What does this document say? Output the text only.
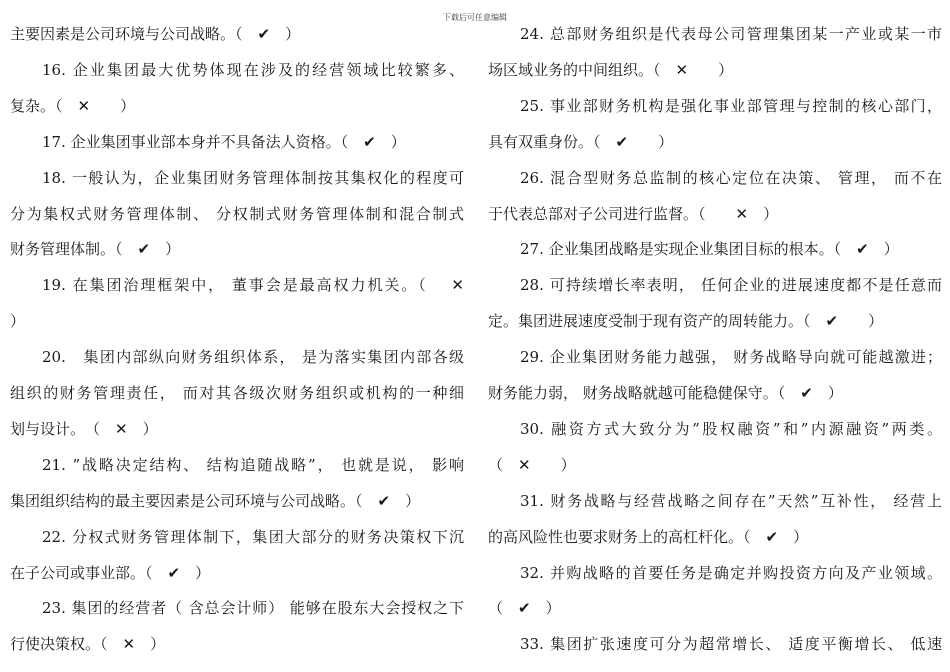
下载后可任意编辑
主要因素是公司环境与公司战略。（　✔　）
16. 企业集团最大优势体现在涉及的经营领域比较繁多、
复杂。（　✕　　）
17. 企业集团事业部本身并不具备法人资格。（　✔　）
18. 一般认为，企业集团财务管理体制按其集权化的程度可
分为集权式财务管理体制、 分权制式财务管理体制和混合制式
财务管理体制。（　✔　）
19. 在集团治理框架中， 董事会是最高权力机关。（　 ✕
）
20.　集团内部纵向财务组织体系， 是为落实集团内部各级
组织的财务管理责任， 而对其各级次财务组织或机构的一种细
划与设计。　（　✕　）
21. ”战略决定结构、 结构追随战略”， 也就是说， 影响
集团组织结构的最主要因素是公司环境与公司战略。（　✔　）
22. 分权式财务管理体制下，集团大部分的财务决策权下沉
在子公司或事业部。（　✔　）
23. 集团的经营者（ 含总会计师） 能够在股东大会授权之下
行使决策权。（　✕　）
24. 总部财务组织是代表母公司管理集团某一产业或某一市
场区域业务的中间组织。（　✕　　）
25. 事业部财务机构是强化事业部管理与控制的核心部门，
具有双重身份。（　✔　　）
26. 混合型财务总监制的核心定位在决策、 管理， 而不在
于代表总部对子公司进行监督。（　　✕　）
27. 企业集团战略是实现企业集团目标的根本。（　✔　）
28. 可持续增长率表明， 任何企业的进展速度都不是任意而
定。集团进展速度受制于现有资产的周转能力。（　✔　　）
29. 企业集团财务能力越强， 财务战略导向就可能越激进；
财务能力弱， 财务战略就越可能稳健保守。（　✔　）
30. 融资方式大致分为”股权融资”和”内源融资”两类。
（　✕　　）
31. 财务战略与经营战略之间存在”天然”互补性， 经营上
的高风险性也要求财务上的高杠杆化。（　✔　）
32. 并购战略的首要任务是确定并购投资方向及产业领域。
（　✔　）
33. 集团扩张速度可分为超常增长、 适度平衡增长、 低速
